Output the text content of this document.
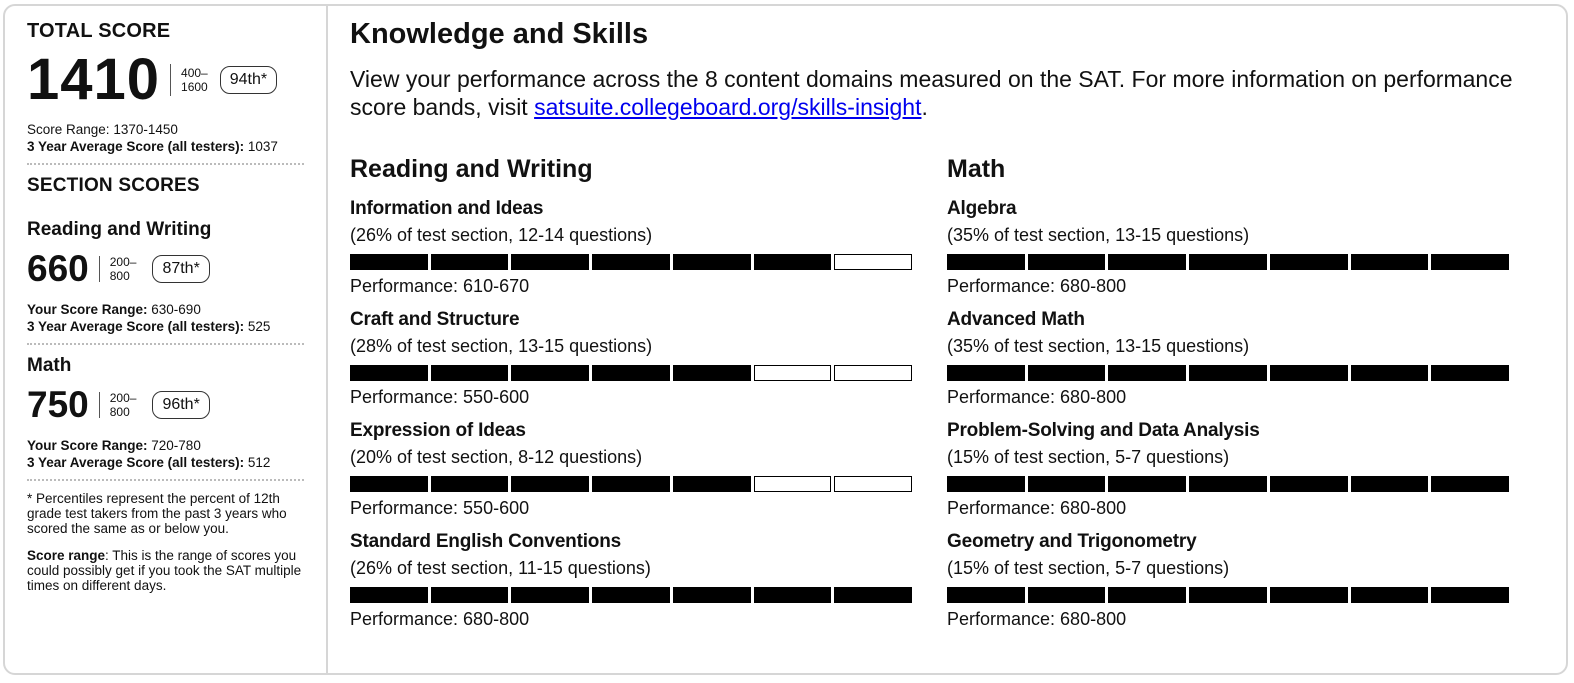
TOTAL SCORE

1410 400–
1600	94th*
Score Range: 1370-1450
3 Year Average Score (all testers): 1037

SECTION SCORES

Reading and Writing

660 200–
800	87th*
Your Score Range: 630-690
3 Year Average Score (all testers): 525

Math

750 200–
800	96th*
Your Score Range: 720-780
3 Year Average Score (all testers): 512

* Percentiles represent the percent of 12th grade test takers from the past 3 years who scored the same as or below you.

Score range: This is the range of scores you could possibly get if you took the SAT multiple times on different days.

Knowledge and Skills

View your performance across the 8 content domains measured on the SAT. For more information on performance score bands, visit satsuite.collegeboard.org/skills-insight.

Reading and Writing

Information and Ideas
(26% of test section, 12-14 questions)
Performance: 610-670
Craft and Structure
(28% of test section, 13-15 questions)
Performance: 550-600
Expression of Ideas
(20% of test section, 8-12 questions)
Performance: 550-600
Standard English Conventions
(26% of test section, 11-15 questions)
Performance: 680-800

Math

Algebra
(35% of test section, 13-15 questions)
Performance: 680-800
Advanced Math
(35% of test section, 13-15 questions)
Performance: 680-800
Problem-Solving and Data Analysis
(15% of test section, 5-7 questions)
Performance: 680-800
Geometry and Trigonometry
(15% of test section, 5-7 questions)
Performance: 680-800
